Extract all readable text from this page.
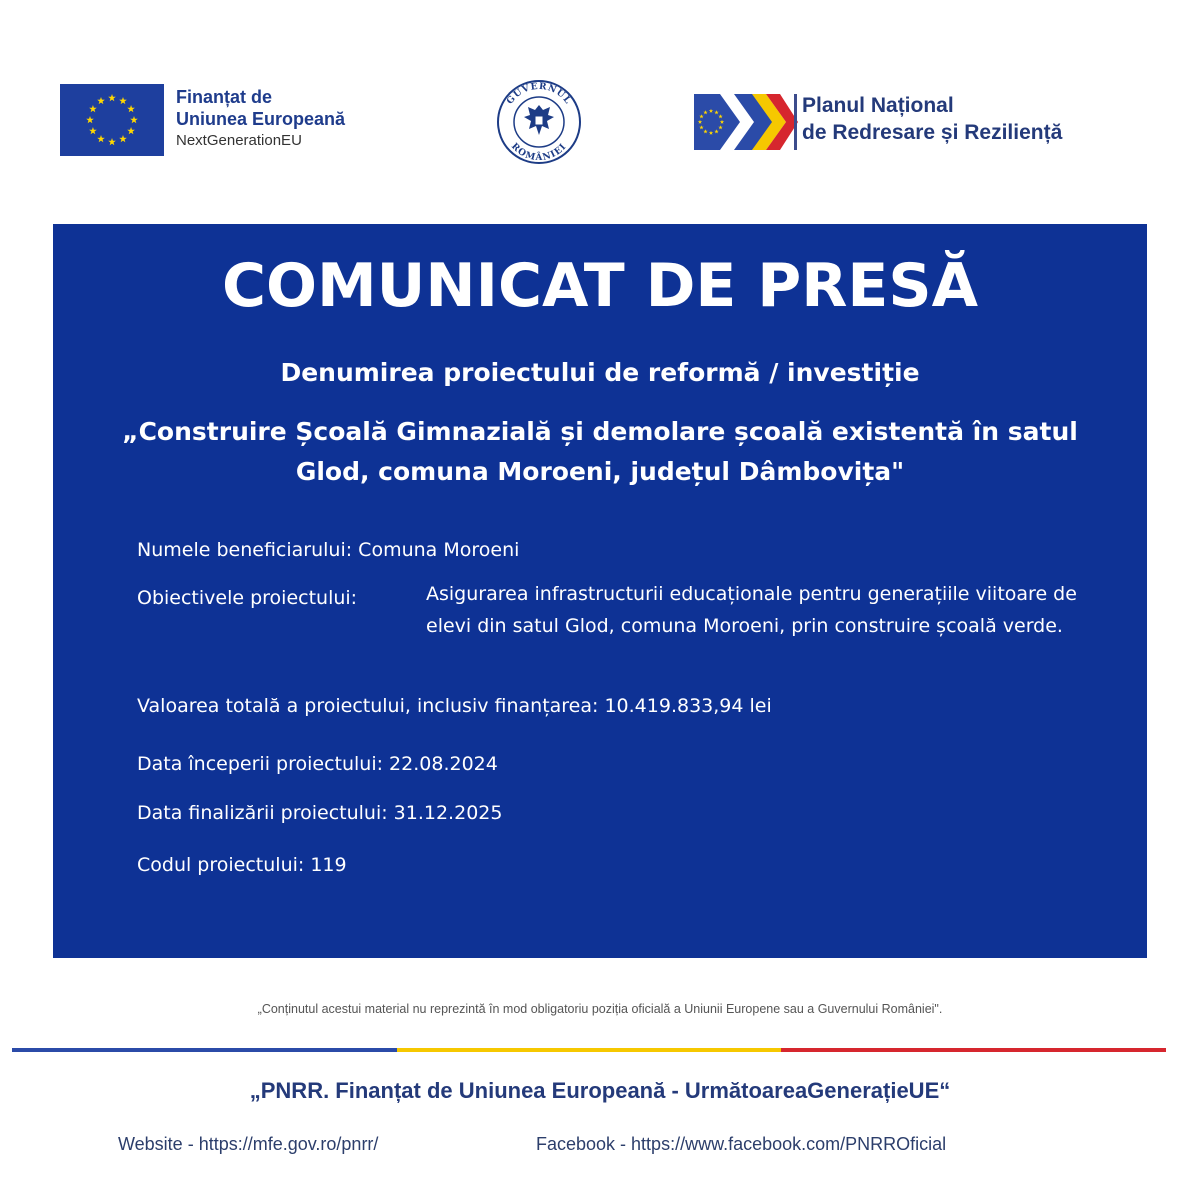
Finanțat de
Uniunea Europeană
NextGenerationEU
GUVERNUL
ROMÂNIEI
Planul Național
de Redresare și Reziliență
COMUNICAT DE PRESĂ
Denumirea proiectului de reformă / investiție
„Construire Școală Gimnazială și demolare școală existentă în satul Glod, comuna Moroeni, județul Dâmbovița"
Numele beneficiarului: Comuna Moroeni
Obiectivele proiectului:	Asigurarea infrastructurii educaționale pentru generațiile viitoare de elevi din satul Glod, comuna Moroeni, prin construire școală verde.
Valoarea totală a proiectului, inclusiv finanțarea: 10.419.833,94 lei
Data începerii proiectului: 22.08.2024
Data finalizării proiectului: 31.12.2025
Codul proiectului: 119
„Conținutul acestui material nu reprezintă în mod obligatoriu poziția oficială a Uniunii Europene sau a Guvernului României".
„PNRR. Finanțat de Uniunea Europeană - UrmătoareaGenerațieUE“
Website - https://mfe.gov.ro/pnrr/	Facebook - https://www.facebook.com/PNRROficial
